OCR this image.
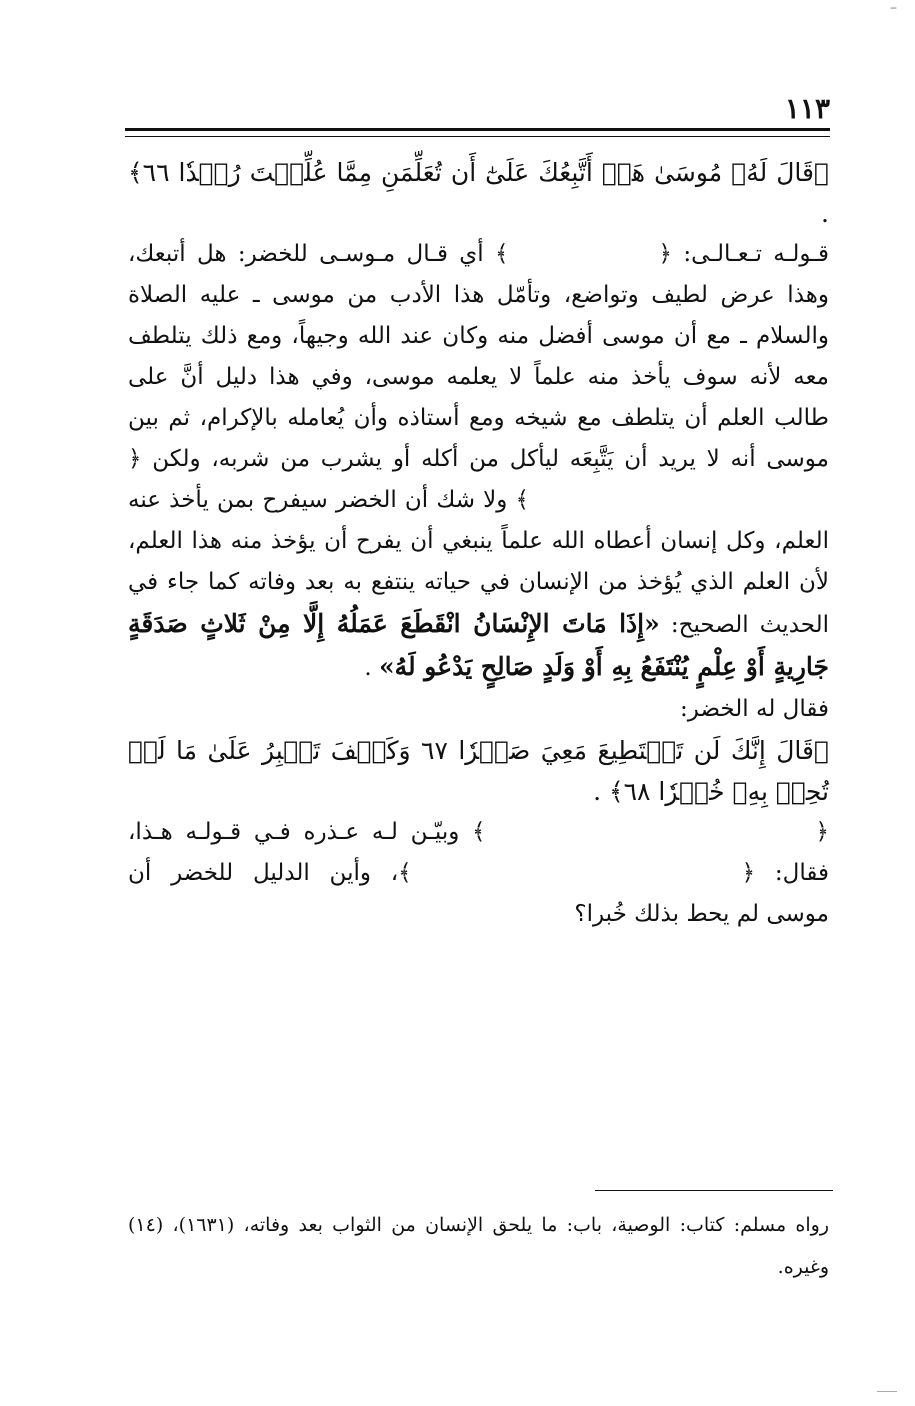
–
١١٣

﴿قَالَ لَهُۥ مُوسَىٰ هَلۡ أَتَّبِعُكَ عَلَىٰٓ أَن تُعَلِّمَنِ مِمَّا عُلِّمۡتَ رُشۡدٗا ٦٦﴾ .

قـولـه تـعـالـى: ﴿﴾ أي قـال مـوسـى للخضر: هل أتبعك، وهذا عرض لطيف وتواضع، وتأمّل هذا الأدب من موسى ـ عليه الصلاة والسلام ـ مع أن موسى أفضل منه وكان عند الله وجيهاً، ومع ذلك يتلطف معه لأنه سوف يأخذ منه علماً لا يعلمه موسى، وفي هذا دليل أنَّ على طالب العلم أن يتلطف مع شيخه ومع أستاذه وأن يُعامله بالإكرام، ثم بين موسى أنه لا يريد أن يَتَّبِعَه ليأكل من أكله أو يشرب من شربه، ولكن ﴿﴾ ولا شك أن الخضر سيفرح بمن يأخذ عنه العلم، وكل إنسان أعطاه الله علماً ينبغي أن يفرح أن يؤخذ منه هذا العلم، لأن العلم الذي يُؤخذ من الإنسان في حياته ينتفع به بعد وفاته كما جاء في الحديث الصحيح: «إِذَا مَاتَ الإِنْسَانُ انْقَطَعَ عَمَلُهُ إِلَّا مِنْ ثَلاثٍ صَدَقَةٍ جَارِيةٍ أَوْ عِلْمٍ يُنْتَفَعُ بِهِ أَوْ وَلَدٍ صَالِحٍ يَدْعُو لَهُ» .

فقال له الخضر:

﴿قَالَ إِنَّكَ لَن تَسۡتَطِيعَ مَعِيَ صَبۡرٗا ٦٧ وَكَيۡفَ تَصۡبِرُ عَلَىٰ مَا لَمۡ تُحِطۡ بِهِۦ خُبۡرٗا ٦٨﴾ .

﴿﴾ وبيّـن لـه عـذره فـي قـولـه هـذا، فقال: ﴿﴾، وأين الدليل للخضر أن موسى لم يحط بذلك خُبرا؟

رواه مسلم: كتاب: الوصية، باب: ما يلحق الإنسان من الثواب بعد وفاته، (١٦٣١)، (١٤) وغيره.
